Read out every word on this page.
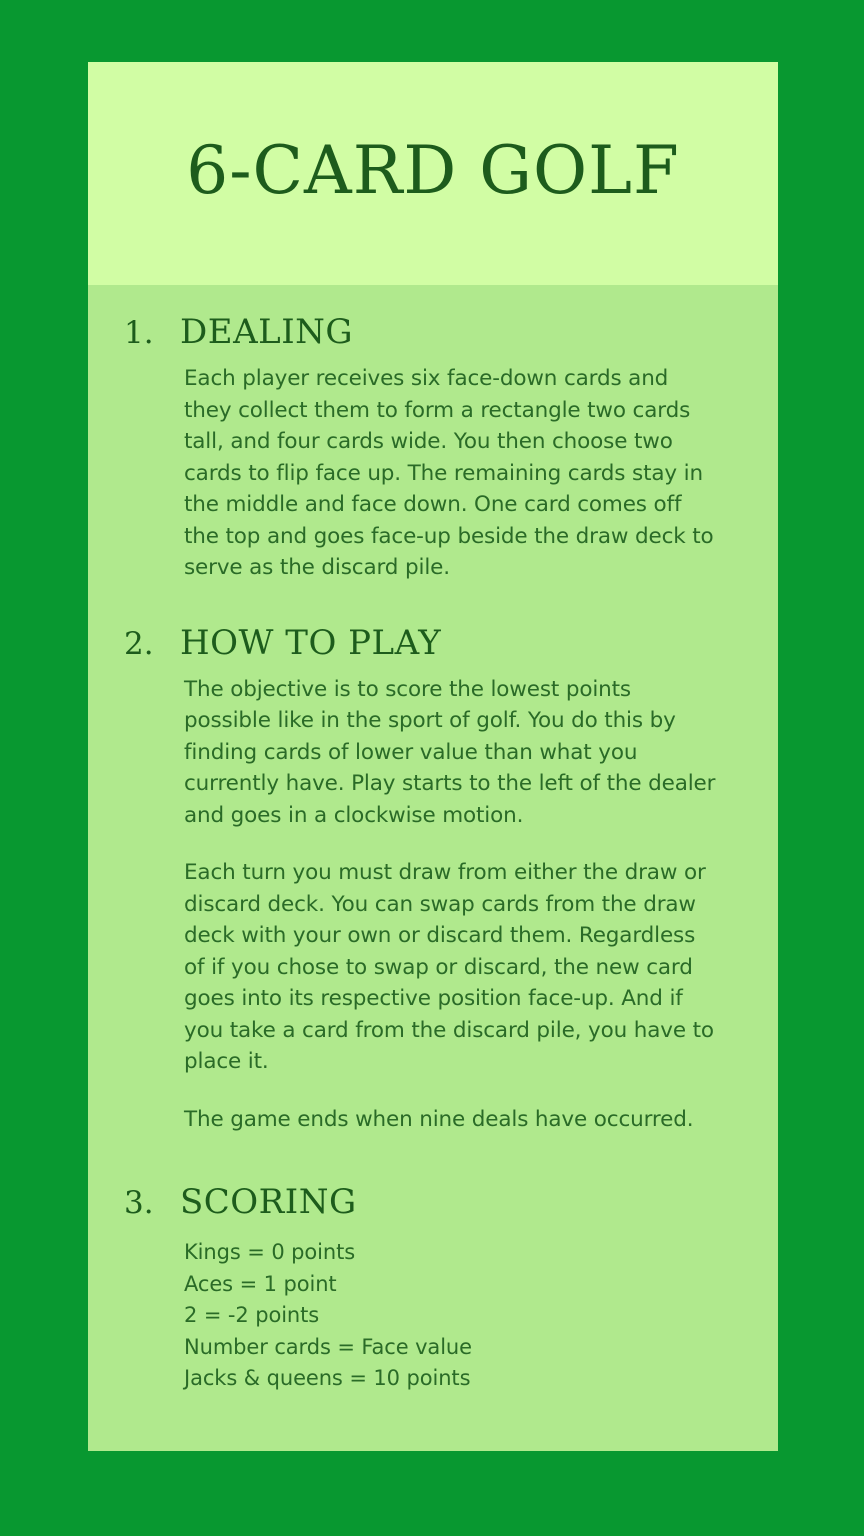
6-CARD GOLF
1. DEALING

Each player receives six face-down cards and they collect them to form a rectangle two cards tall, and four cards wide. You then choose two cards to flip face up. The remaining cards stay in the middle and face down. One card comes off the top and goes face-up beside the draw deck to serve as the discard pile.

2. HOW TO PLAY

The objective is to score the lowest points possible like in the sport of golf. You do this by finding cards of lower value than what you currently have. Play starts to the left of the dealer and goes in a clockwise motion.

Each turn you must draw from either the draw or discard deck. You can swap cards from the draw deck with your own or discard them. Regardless of if you chose to swap or discard, the new card goes into its respective position face-up. And if you take a card from the discard pile, you have to place it.

The game ends when nine deals have occurred.

3. SCORING
Kings = 0 points
Aces = 1 point
2 = -2 points
Number cards = Face value
Jacks & queens = 10 points
